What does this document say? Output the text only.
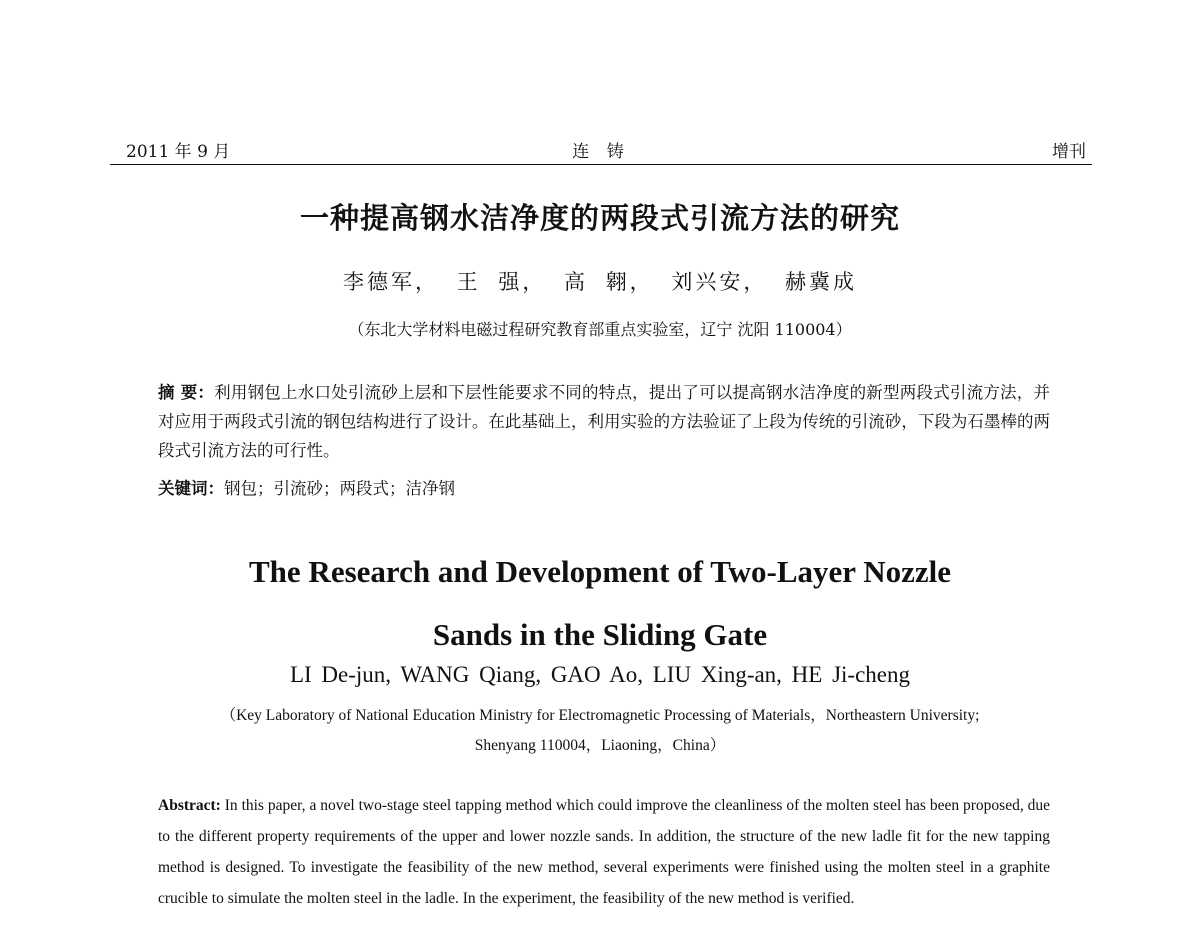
2011 年 9 月	连 铸	增刊
一种提高钢水洁净度的两段式引流方法的研究
李德军， 王 强， 高 翱， 刘兴安， 赫冀成
（东北大学材料电磁过程研究教育部重点实验室，辽宁 沈阳 110004）
摘 要：利用钢包上水口处引流砂上层和下层性能要求不同的特点，提出了可以提高钢水洁净度的新型两段式引流方法，并对应用于两段式引流的钢包结构进行了设计。在此基础上，利用实验的方法验证了上段为传统的引流砂，下段为石墨棒的两段式引流方法的可行性。
关键词：钢包；引流砂；两段式；洁净钢
The Research and Development of Two-Layer Nozzle
Sands in the Sliding Gate
LI De-jun, WANG Qiang, GAO Ao, LIU Xing-an, HE Ji-cheng
（Key Laboratory of National Education Ministry for Electromagnetic Processing of Materials，Northeastern University;
Shenyang 110004，Liaoning，China）
Abstract: In this paper, a novel two-stage steel tapping method which could improve the cleanliness of the molten steel has been proposed, due to the different property requirements of the upper and lower nozzle sands. In addition, the structure of the new ladle fit for the new tapping method is designed. To investigate the feasibility of the new method, several experiments were finished using the molten steel in a graphite crucible to simulate the molten steel in the ladle. In the experiment, the feasibility of the new method is verified.
